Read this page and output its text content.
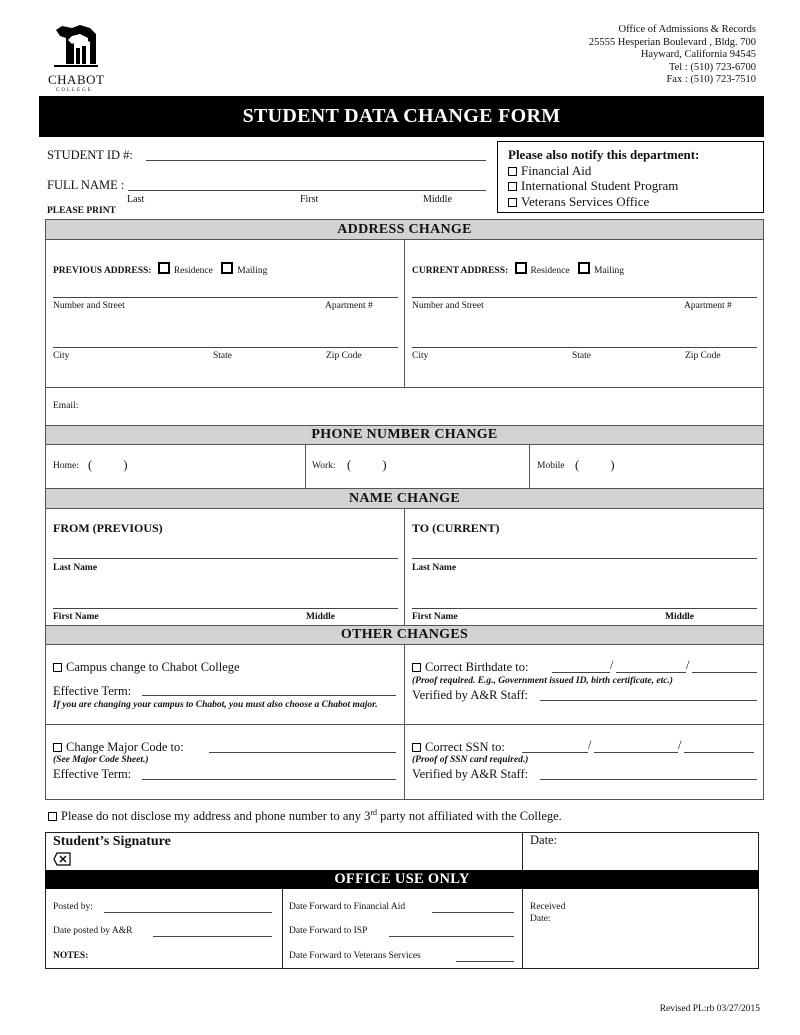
CHABOT
COLLEGE
Office of Admissions & Records
25555 Hesperian Boulevard , Bldg. 700
Hayward, California 94545
Tel : (510) 723-6700
Fax : (510) 723-7510
STUDENT DATA CHANGE FORM
STUDENT ID #:
FULL NAME :
Last	First	Middle
PLEASE PRINT
Please also notify this department:
Financial Aid
International Student Program
Veterans Services Office
ADDRESS CHANGE
PREVIOUS ADDRESS: Residence	Mailing	CURRENT ADDRESS: Residence	Mailing
Number and Street	Apartment #	Number and Street	Apartment #
City	State	Zip Code	City	State	Zip Code
Email:
PHONE NUMBER CHANGE
Home: (          )	Work: (          )	Mobile (          )
NAME CHANGE
FROM (PREVIOUS)	TO (CURRENT)
Last Name	Last Name
First Name	Middle	First Name	Middle
OTHER CHANGES
Campus change to Chabot College
Effective Term:
If you are changing your campus to Chabot, you must also choose a Chabot major.
Correct Birthdate to:	/	/
(Proof required. E.g., Government issued ID, birth certificate, etc.)
Verified by A&R Staff:
Change Major Code to:
(See Major Code Sheet.)
Effective Term:
Correct SSN to:	/	/
(Proof of SSN card required.)
Verified by A&R Staff:
Please do not disclose my address and phone number to any 3rd party not affiliated with the College.
Student’s Signature	Date:
OFFICE USE ONLY
Posted by:
Date posted by A&R
NOTES:
Date Forward to Financial Aid
Date Forward to ISP
Date Forward to Veterans Services
Received
Date:
Revised PL:rb 03/27/2015
